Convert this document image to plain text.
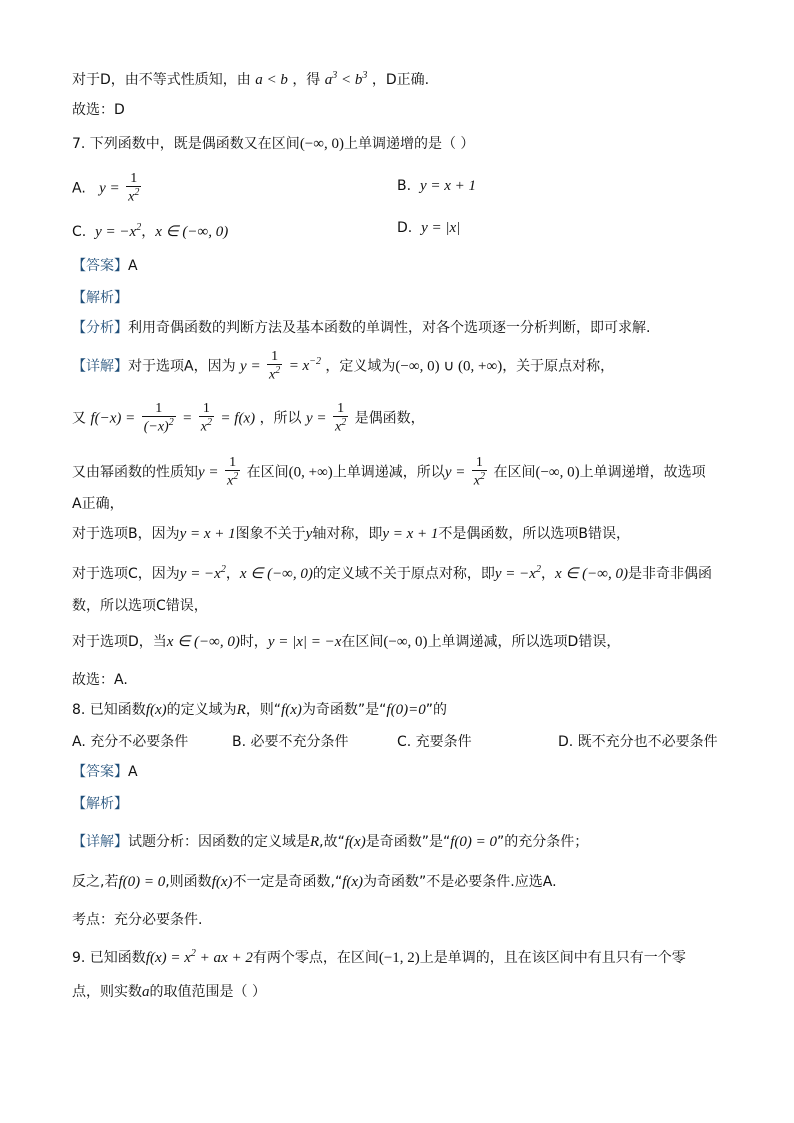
对于D，由不等式性质知，由 a < b ，得 $a^3 < b^3$ ，D正确.
故选：D
7. 下列函数中，既是偶函数又在区间(−∞, 0)上单调递增的是（ ）
A. $y = \frac{1}{x^2}$	B. y = x + 1
C. $y = -x^2$，x ∈ (−∞, 0)	D. y = |x|
【答案】A
【解析】
【分析】利用奇偶函数的判断方法及基本函数的单调性，对各个选项逐一分析判断，即可求解.
【详解】对于选项A，因为 $y = \frac{1}{x^2} = x^{-2}$ ，定义域为(−∞, 0) ∪ (0, +∞)，关于原点对称，
又 $f(-x) = \frac{1}{(-x)^2} = \frac{1}{x^2} = f(x)$ ，所以 $y = \frac{1}{x^2}$ 是偶函数，
又由幂函数的性质知$y = \frac{1}{x^2}$ 在区间(0, +∞)上单调递减，所以$y = \frac{1}{x^2}$ 在区间(−∞, 0)上单调递增，故选项
A正确，
对于选项B，因为y = x + 1图象不关于y轴对称，即y = x + 1不是偶函数，所以选项B错误，
对于选项C，因为$y = -x^2$，x ∈ (−∞, 0)的定义域不关于原点对称，即$y = -x^2$，x ∈ (−∞, 0)是非奇非偶函
数，所以选项C错误，
对于选项D，当x ∈ (−∞, 0)时，y = |x| = −x在区间(−∞, 0)上单调递减，所以选项D错误，
故选：A.
8. 已知函数f(x)的定义域为R，则“f(x)为奇函数”是“f(0)=0”的
A. 充分不必要条件	B. 必要不充分条件	C. 充要条件	D. 既不充分也不必要条件
【答案】A
【解析】
【详解】试题分析：因函数的定义域是R,故“f(x)是奇函数”是“f(0) = 0”的充分条件；
反之,若f(0) = 0,则函数f(x)不一定是奇函数,“f(x)为奇函数”不是必要条件.应选A.
考点：充分必要条件.
9. 已知函数$f(x) = x^2$ + ax + 2有两个零点，在区间(−1, 2)上是单调的，且在该区间中有且只有一个零
点，则实数a的取值范围是（ ）
